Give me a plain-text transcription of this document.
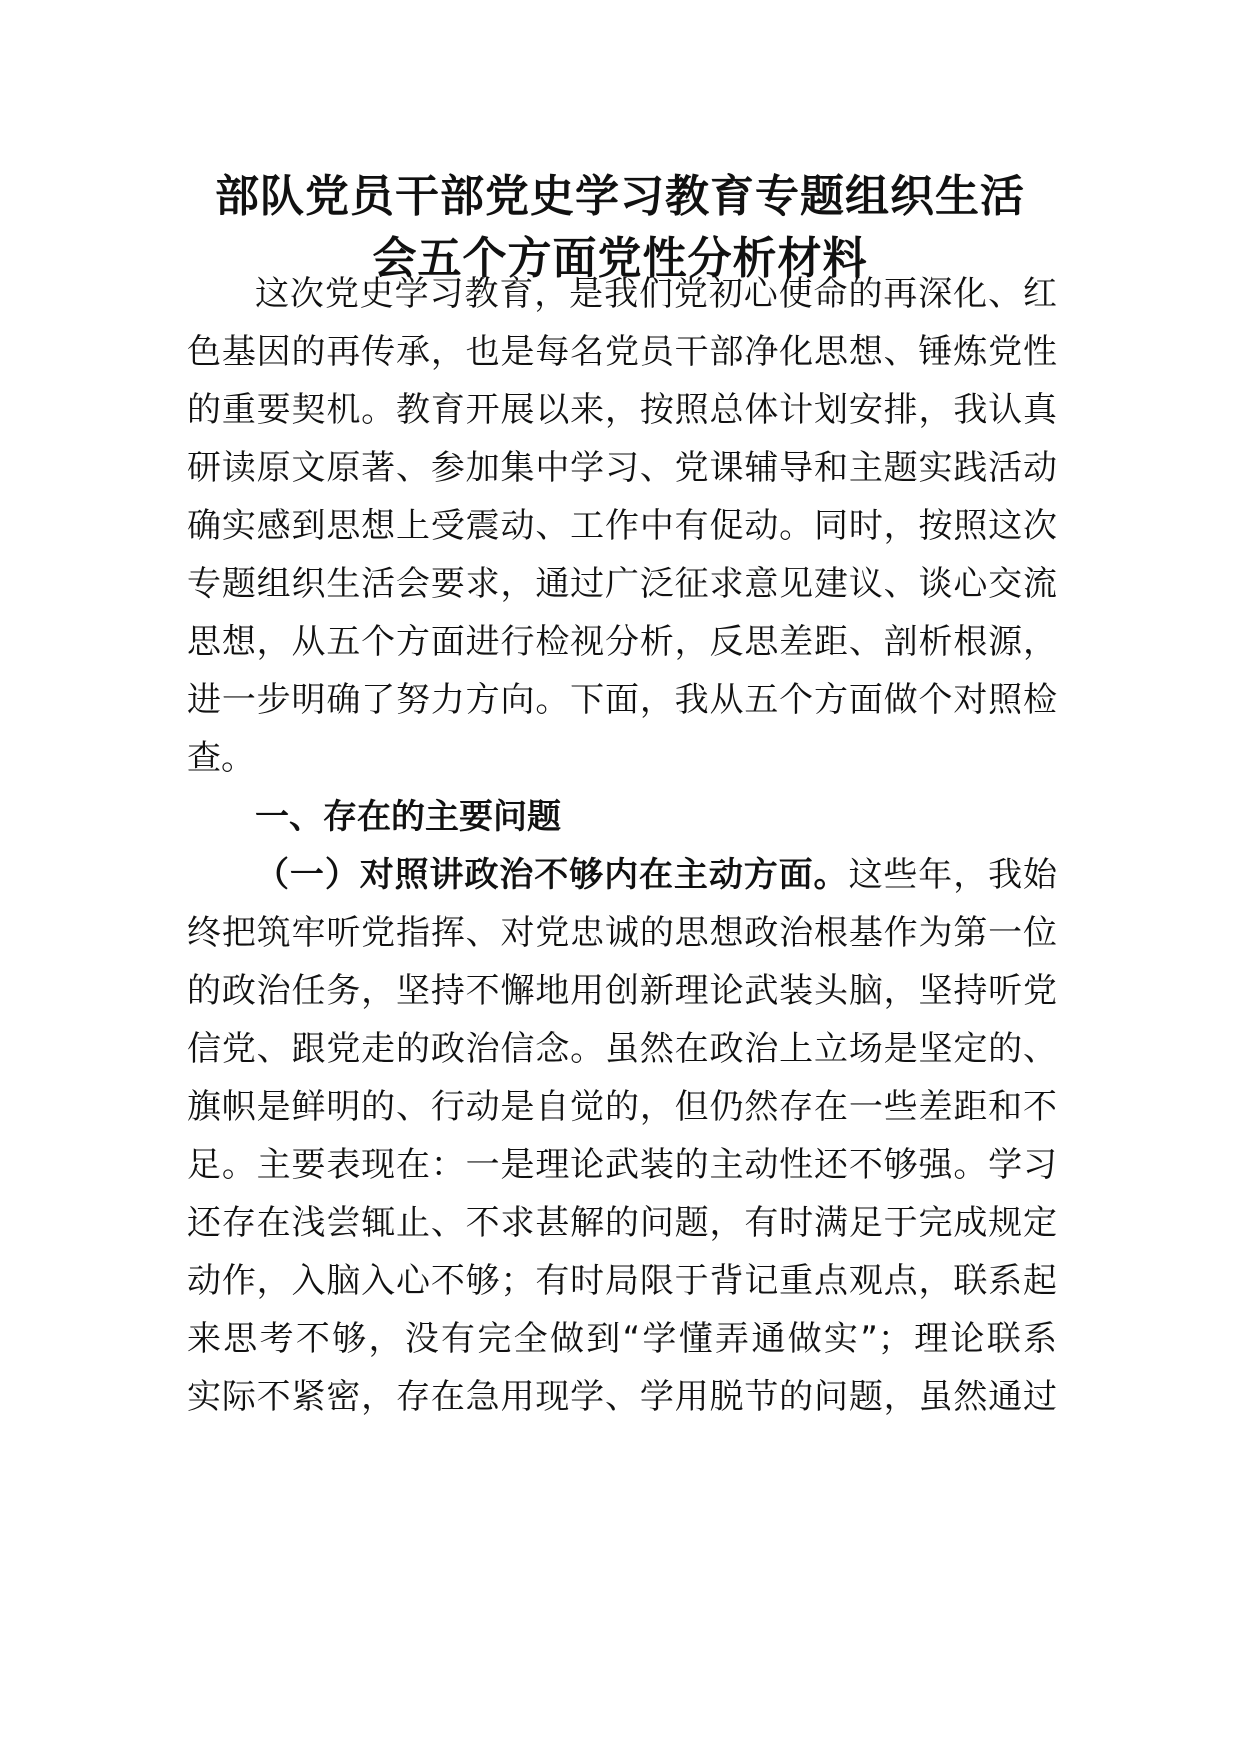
部队党员干部党史学习教育专题组织生活
会五个方面党性分析材料
这次党史学习教育，是我们党初心使命的再深化、红
色基因的再传承，也是每名党员干部净化思想、锤炼党性
的重要契机。教育开展以来，按照总体计划安排，我认真
研读原文原著、参加集中学习、党课辅导和主题实践活动
确实感到思想上受震动、工作中有促动。同时，按照这次
专题组织生活会要求，通过广泛征求意见建议、谈心交流
思想，从五个方面进行检视分析，反思差距、剖析根源，
进一步明确了努力方向。下面，我从五个方面做个对照检
查。
一、存在的主要问题
（一）对照讲政治不够内在主动方面。这些年，我始
终把筑牢听党指挥、对党忠诚的思想政治根基作为第一位
的政治任务，坚持不懈地用创新理论武装头脑，坚持听党
信党、跟党走的政治信念。虽然在政治上立场是坚定的、
旗帜是鲜明的、行动是自觉的，但仍然存在一些差距和不
足。主要表现在：一是理论武装的主动性还不够强。学习
还存在浅尝辄止、不求甚解的问题，有时满足于完成规定
动作，入脑入心不够；有时局限于背记重点观点，联系起
来思考不够，没有完全做到“学懂弄通做实”；理论联系
实际不紧密，存在急用现学、学用脱节的问题，虽然通过
